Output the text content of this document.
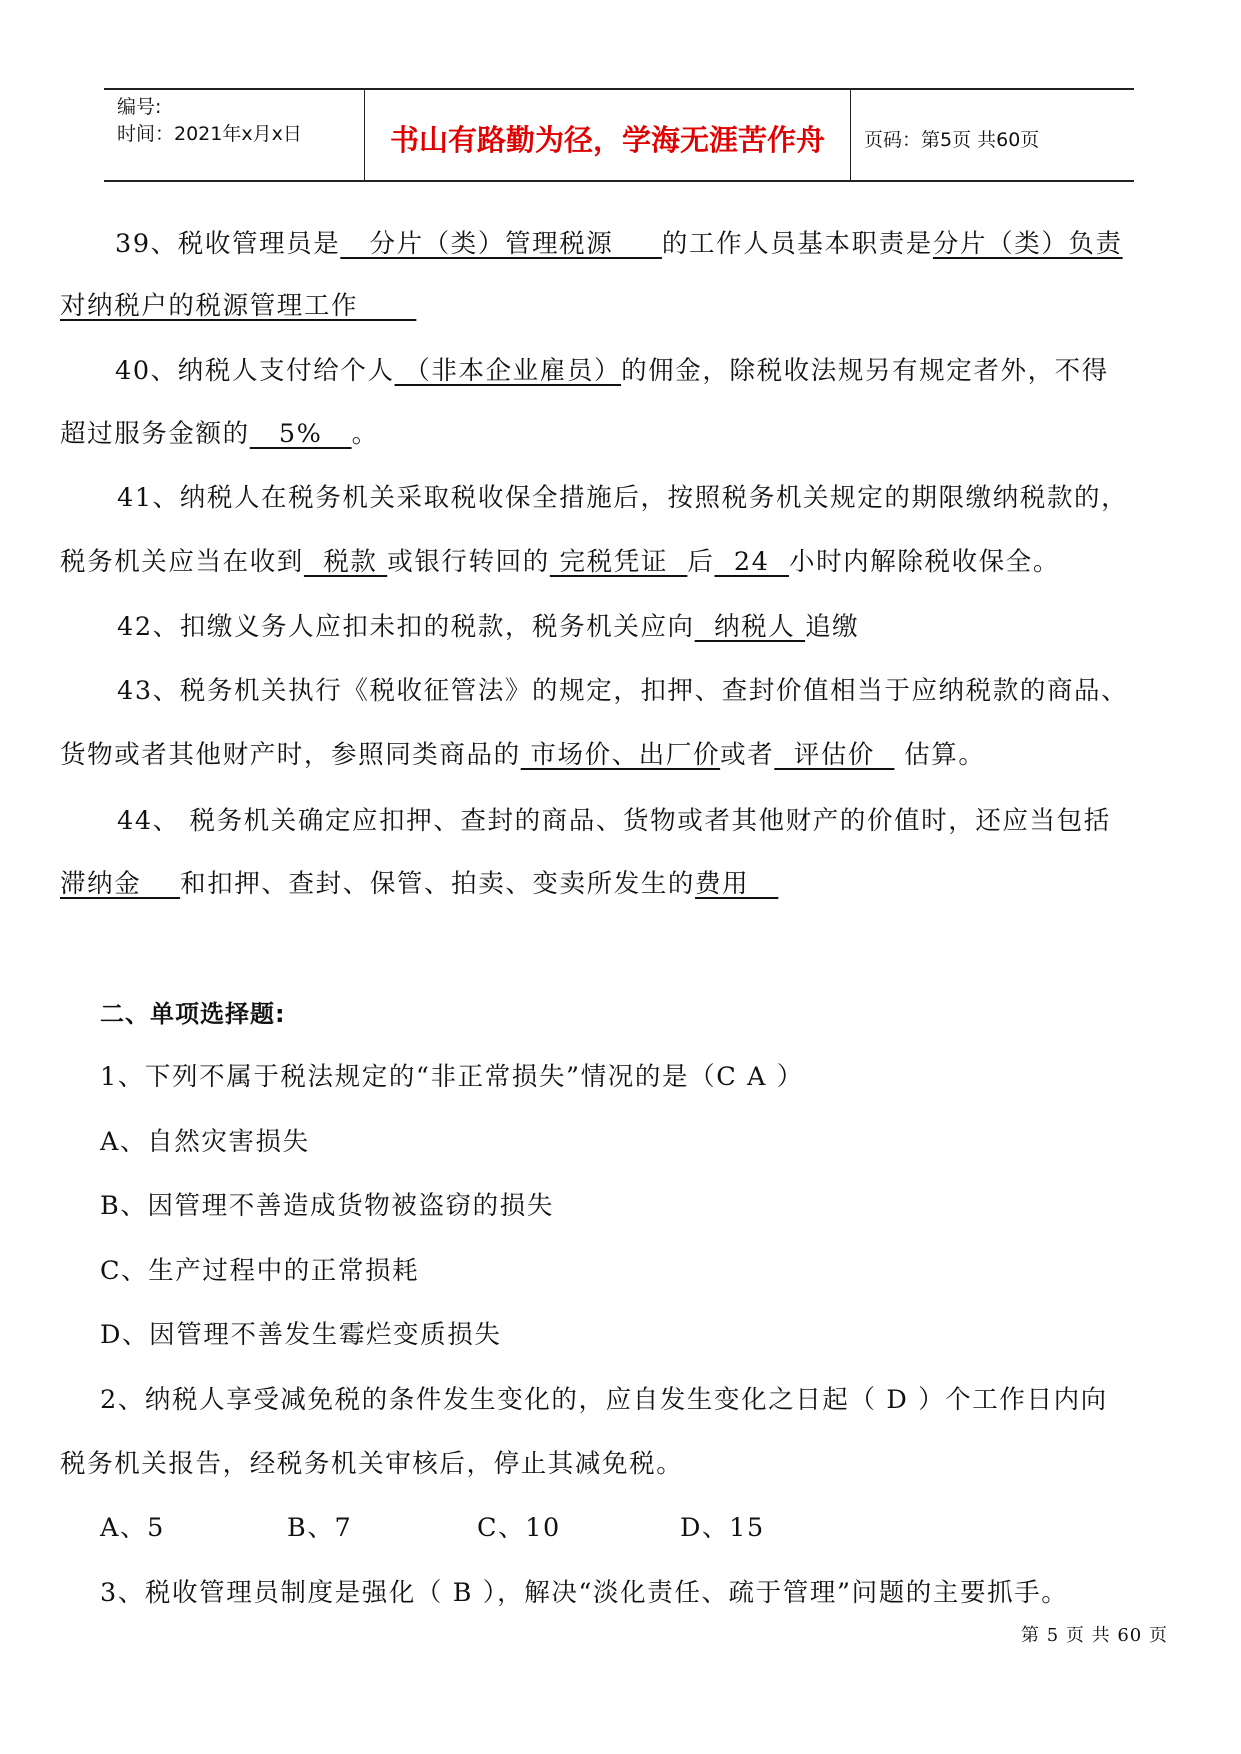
编号:
时间：2021年x月x日	书山有路勤为径，学海无涯苦作舟 页码：第5页 共60页
39、税收管理员是   分片（类）管理税源     的工作人员基本职责是分片（类）负责
对纳税户的税源管理工作
40、纳税人支付给个人 （非本企业雇员）的佣金，除税收法规另有规定者外，不得
超过服务金额的   5%   。
41、纳税人在税务机关采取税收保全措施后，按照税务机关规定的期限缴纳税款的，
税务机关应当在收到  税款 或银行转回的 完税凭证  后  24  小时内解除税收保全。
42、扣缴义务人应扣未扣的税款，税务机关应向  纳税人 追缴
43、税务机关执行《税收征管法》的规定，扣押、查封价值相当于应纳税款的商品、
货物或者其他财产时，参照同类商品的 市场价、出厂价或者  评估价   估算。
44、 税务机关确定应扣押、查封的商品、货物或者其他财产的价值时，还应当包括
滞纳金    和扣押、查封、保管、拍卖、变卖所发生的费用
二、单项选择题:
1、下列不属于税法规定的“非正常损失”情况的是（C A ）
A、自然灾害损失
B、因管理不善造成货物被盗窃的损失
C、生产过程中的正常损耗
D、因管理不善发生霉烂变质损失
2、纳税人享受减免税的条件发生变化的，应自发生变化之日起（ D ）个工作日内向
税务机关报告，经税务机关审核后，停止其减免税。
A、5	B、7	C、10	D、15
3、税收管理员制度是强化（ B ），解决“淡化责任、疏于管理”问题的主要抓手。
第 5 页 共 60 页
